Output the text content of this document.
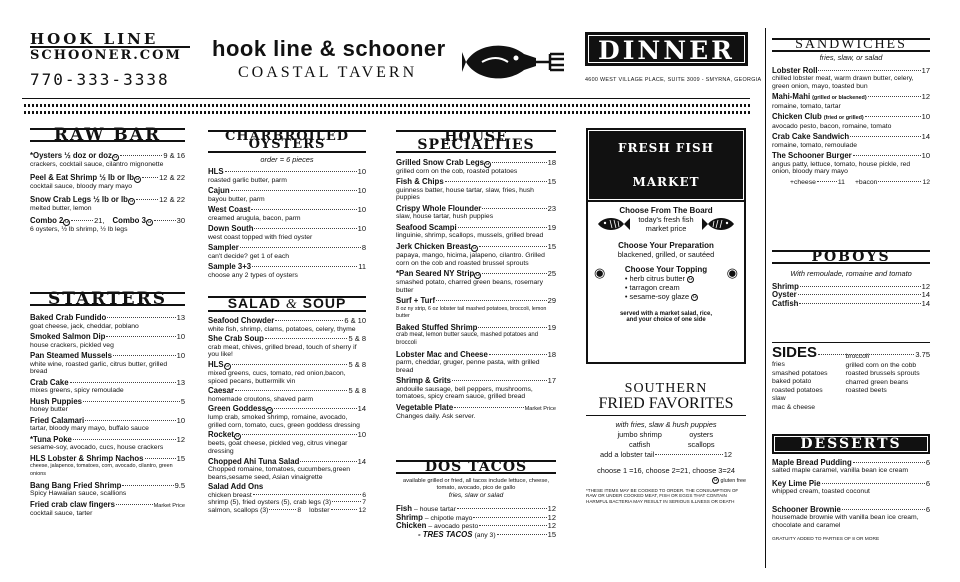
HOOK LINE
SCHOONER.COM
770-333-3338
hook line & schooner
COASTAL TAVERN
DINNER
4600 WEST VILLAGE PLACE, SUITE 3009 - SMYRNA, GEORGIA
RAW BAR
*Oysters ½ doz or doz G	9 & 16
crackers, cocktail sauce, cilantro mignonette
Peel & Eat Shrimp ½ lb or lb G	12 & 22
cocktail sauce, bloody mary mayo
Snow Crab Legs ½ lb or lb G	12 & 22
melted butter, lemon
Combo 2 G	21, Combo 3 G	30
6 oysters, ½ lb shrimp, ½ lb legs
STARTERS
Baked Crab Fundido	13
goat cheese, jack, cheddar, poblano
Smoked Salmon Dip	10
house crackers, pickled veg
Pan Steamed Mussels	10
white wine, roasted garlic, citrus butter, grilled bread
Crab Cake	13
mixes greens, spicy remoulade
Hush Puppies	5
honey butter
Fried Calamari	10
tartar, bloody mary mayo, buffalo sauce
*Tuna Poke	12
sesame-soy, avocado, cucs, house crackers
HLS Lobster & Shrimp Nachos	15
cheese, jalapenos, tomatoes, corn, avocado, cilantro, green onions
Bang Bang Fried Shrimp	9.5
Spicy Hawaiian sauce, scallions
Fried crab claw fingers	Market Price
cocktail sauce, tarter
CHARBROILED OYSTERS
order = 6 pieces
HLS	10
roasted garlic butter, parm
Cajun	10
bayou butter, parm
West Coast	10
creamed arugula, bacon, parm
Down South	10
west coast topped with fried oyster
Sampler	8
can't decide? get 1 of each
Sample 3+3	11
choose any 2 types of oysters
SALAD & SOUP
Seafood Chowder	6 & 10
white fish, shrimp, clams, potatoes, celery, thyme
She Crab Soup	5 & 8
crab meat, chives, grilled bread, touch of sherry if you like!
HLS G	5 & 8
mixed greens, cucs, tomato, red onion,bacon, spiced pecans, buttermilk vin
Caesar	5 & 8
homemade croutons, shaved parm
Green Goddess G	14
lump crab, smoked shrimp, romaine, avocado, grilled corn, tomato, cucs, green goddess dressing
Rocket G	10
beets, goat cheese, pickled veg, citrus vinegar dressing
Chopped Ahi Tuna Salad	14
Chopped romaine, tomatoes, cucumbers,green beans,sesame seed, Asian vinaigrette
Salad Add Ons
chicken breast	6
shrimp (5), fried oysters (5), crab legs (3)	7
salmon, scallops (3)	8 lobster	12
HOUSE SPECIALTIES
Grilled Snow Crab Legs G	18
grilled corn on the cob, roasted potatoes
Fish & Chips	15
guinness batter, house tartar, slaw, fries, hush puppies
Crispy Whole Flounder	23
slaw, house tartar, hush puppies
Seafood Scampi	19
linguinie, shrimp, scallops, mussels, grilled bread
Jerk Chicken Breast G	15
papaya, mango, hicima, jalapeno, cilantro. Grilled corn on the cob and roasted brussel sprouts
*Pan Seared NY Strip G	25
smashed potato, charred green beans, rosemary butter
Surf + Turf	29
8 oz ny strip, 6 oz lobster tail mashed potatoes, broccoli, lemon butter
Baked Stuffed Shrimp	19
crab meat, lemon butter sauce, mashed potatoes and broccoli
Lobster Mac and Cheese	18
parm, cheddar, gruger, penne pasta, with grilled bread
Shrimp & Grits	17
andouille sausage, bell peppers, mushrooms, tomatoes, spicy cream sauce, grilled bread
Vegetable Plate	Market Price
Changes daily. Ask server.
DOS TACOS
available grilled or fried, all tacos include lettuce, cheese, tomato, avocado, pico de gallo
fries, slaw or salad
Fish – house tartar	12
Shrimp – chipotle mayo	12
Chicken – avocado pesto	12
- TRES TACOS (any 3)	15
FRESH FISH MARKET
Choose From The Board
today's fresh fish
market price
Choose Your Preparation
blackened, grilled, or sautéed
◉ Choose Your Topping
• herb citrus butter G
• tarragon cream
• sesame-soy glaze G
◉
served with a market salad, rice,
and your choice of one side
SOUTHERN
FRIED FAVORITES
with fries, slaw & hush puppies
jumbo shrimp
catfish
oysters
scallops
add a lobster tail	12
choose 1 =16, choose 2=21, choose 3=24
G gluten free
*THESE ITEMS MAY BE COOKED TO ORDER. THE CONSUMPTION OF RAW OR UNDER COOKED MEAT, FISH OR EGGS THAT CONTAIN HARMFUL BACTERIA MAY RESULT IN SERIOUS ILLNESS OR DEATH
SANDWICHES
fries, slaw, or salad
Lobster Roll	17
chilled lobster meat, warm drawn butter, celery, green onion, mayo, toasted bun
Mahi-Mahi (grilled or blackened)	12
romaine, tomato, tartar
Chicken Club (fried or grilled)	10
avocado pesto, bacon, romaine, tomato
Crab Cake Sandwich	14
romaine, tomato, remoulade
The Schooner Burger	10
angus patty, lettuce, tomato, house pickle, red onion, bloody mary mayo
+cheese	11 +bacon	12
POBOYS
With remoulade, romaine and tomato
Shrimp	12
Oyster	14
Catfish	14
SIDES	3.75
fries
smashed potatoes
baked potato
roasted potatoes
slaw
mac & cheese
broccoli
grilled corn on the cobb
roasted brussels sprouts
charred green beans
roasted beets
DESSERTS
Maple Bread Pudding	6
salted maple caramel, vanilla bean ice cream
Key Lime Pie	6
whipped cream, toasted coconut
Schooner Brownie	6
housemade brownie with vanilla bean ice cream, chocolate and caramel
GRATUITY ADDED TO PARTIES OF 8 OR MORE
